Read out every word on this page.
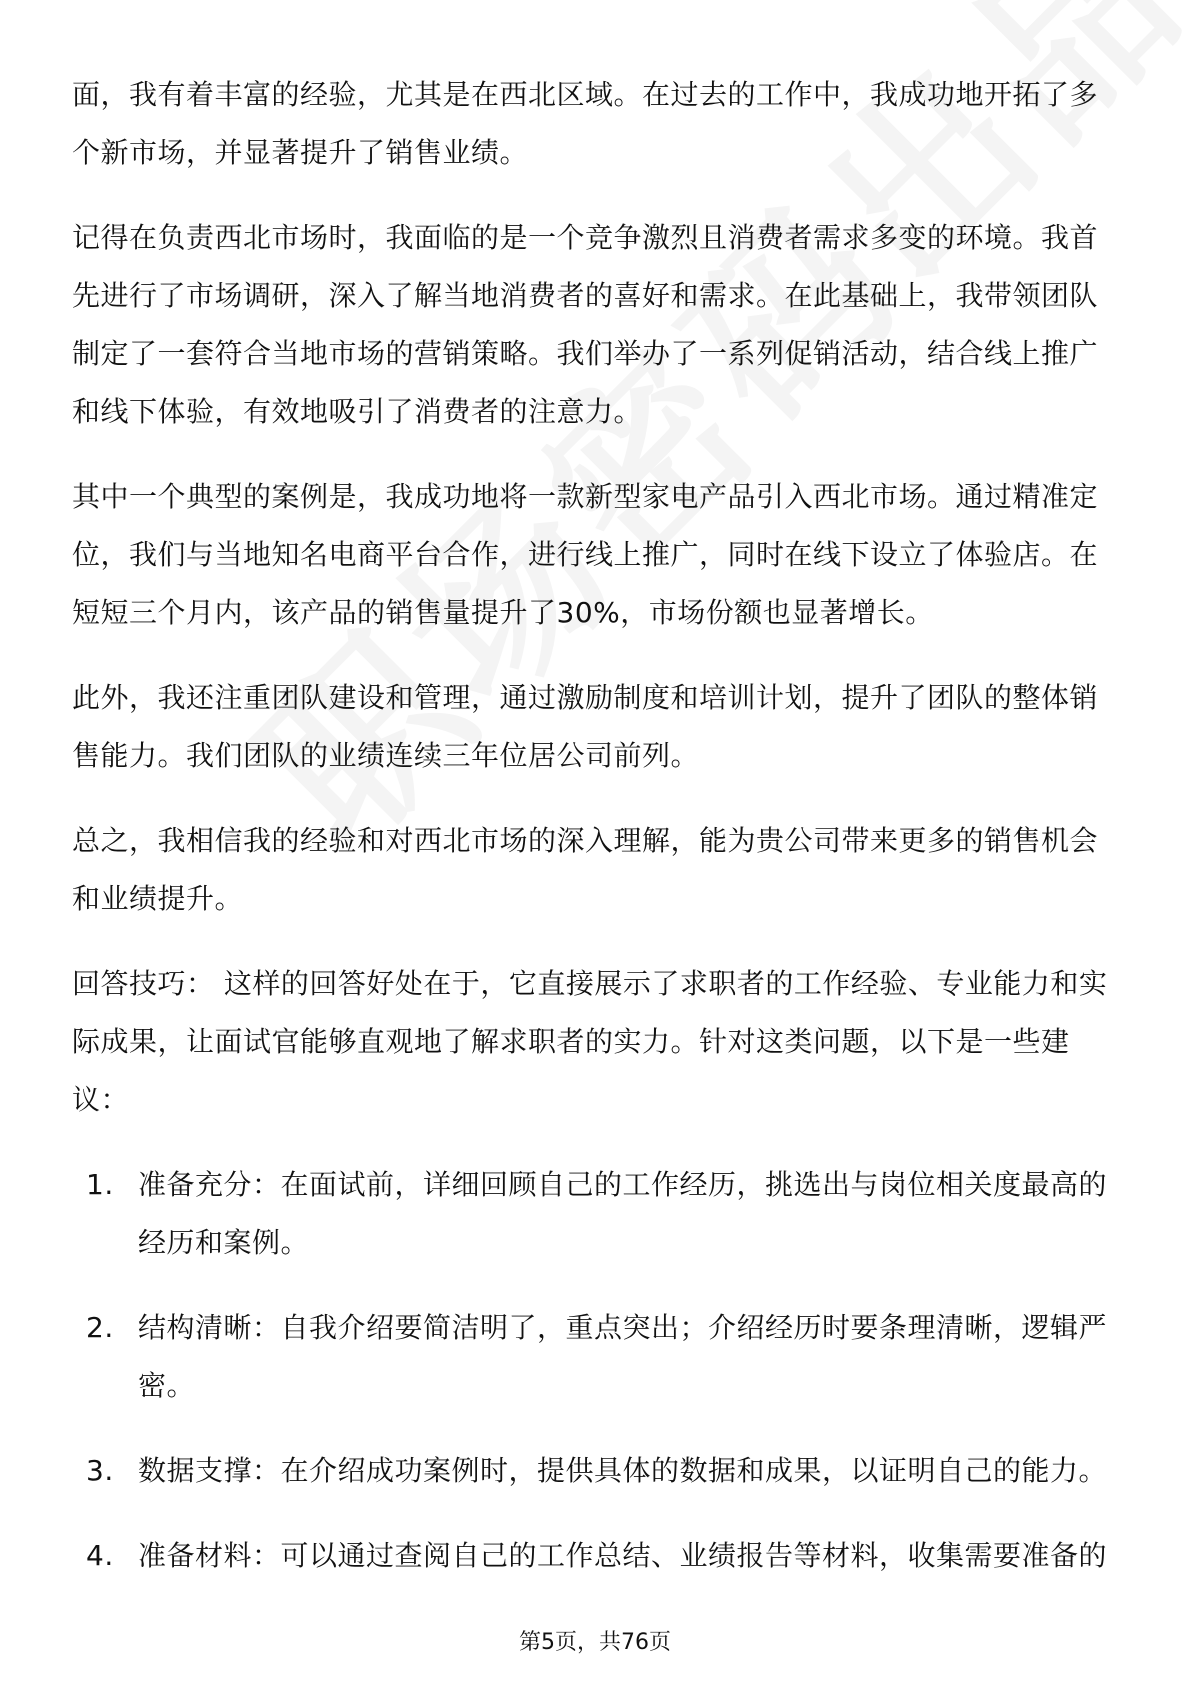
面，我有着丰富的经验，尤其是在西北区域。在过去的工作中，我成功地开拓了多个新市场，并显著提升了销售业绩。

记得在负责西北市场时，我面临的是一个竞争激烈且消费者需求多变的环境。我首先进行了市场调研，深入了解当地消费者的喜好和需求。在此基础上，我带领团队制定了一套符合当地市场的营销策略。我们举办了一系列促销活动，结合线上推广和线下体验，有效地吸引了消费者的注意力。

其中一个典型的案例是，我成功地将一款新型家电产品引入西北市场。通过精准定位，我们与当地知名电商平台合作，进行线上推广，同时在线下设立了体验店。在短短三个月内，该产品的销售量提升了30%，市场份额也显著增长。

此外，我还注重团队建设和管理，通过激励制度和培训计划，提升了团队的整体销售能力。我们团队的业绩连续三年位居公司前列。

总之，我相信我的经验和对西北市场的深入理解，能为贵公司带来更多的销售机会和业绩提升。

回答技巧： 这样的回答好处在于，它直接展示了求职者的工作经验、专业能力和实际成果，让面试官能够直观地了解求职者的实力。针对这类问题，以下是一些建议：

1. 准备充分：在面试前，详细回顾自己的工作经历，挑选出与岗位相关度最高的经历和案例。
2. 结构清晰：自我介绍要简洁明了，重点突出；介绍经历时要条理清晰，逻辑严密。
3. 数据支撑：在介绍成功案例时，提供具体的数据和成果，以证明自己的能力。
4. 准备材料：可以通过查阅自己的工作总结、业绩报告等材料，收集需要准备的
第5页，共76页
